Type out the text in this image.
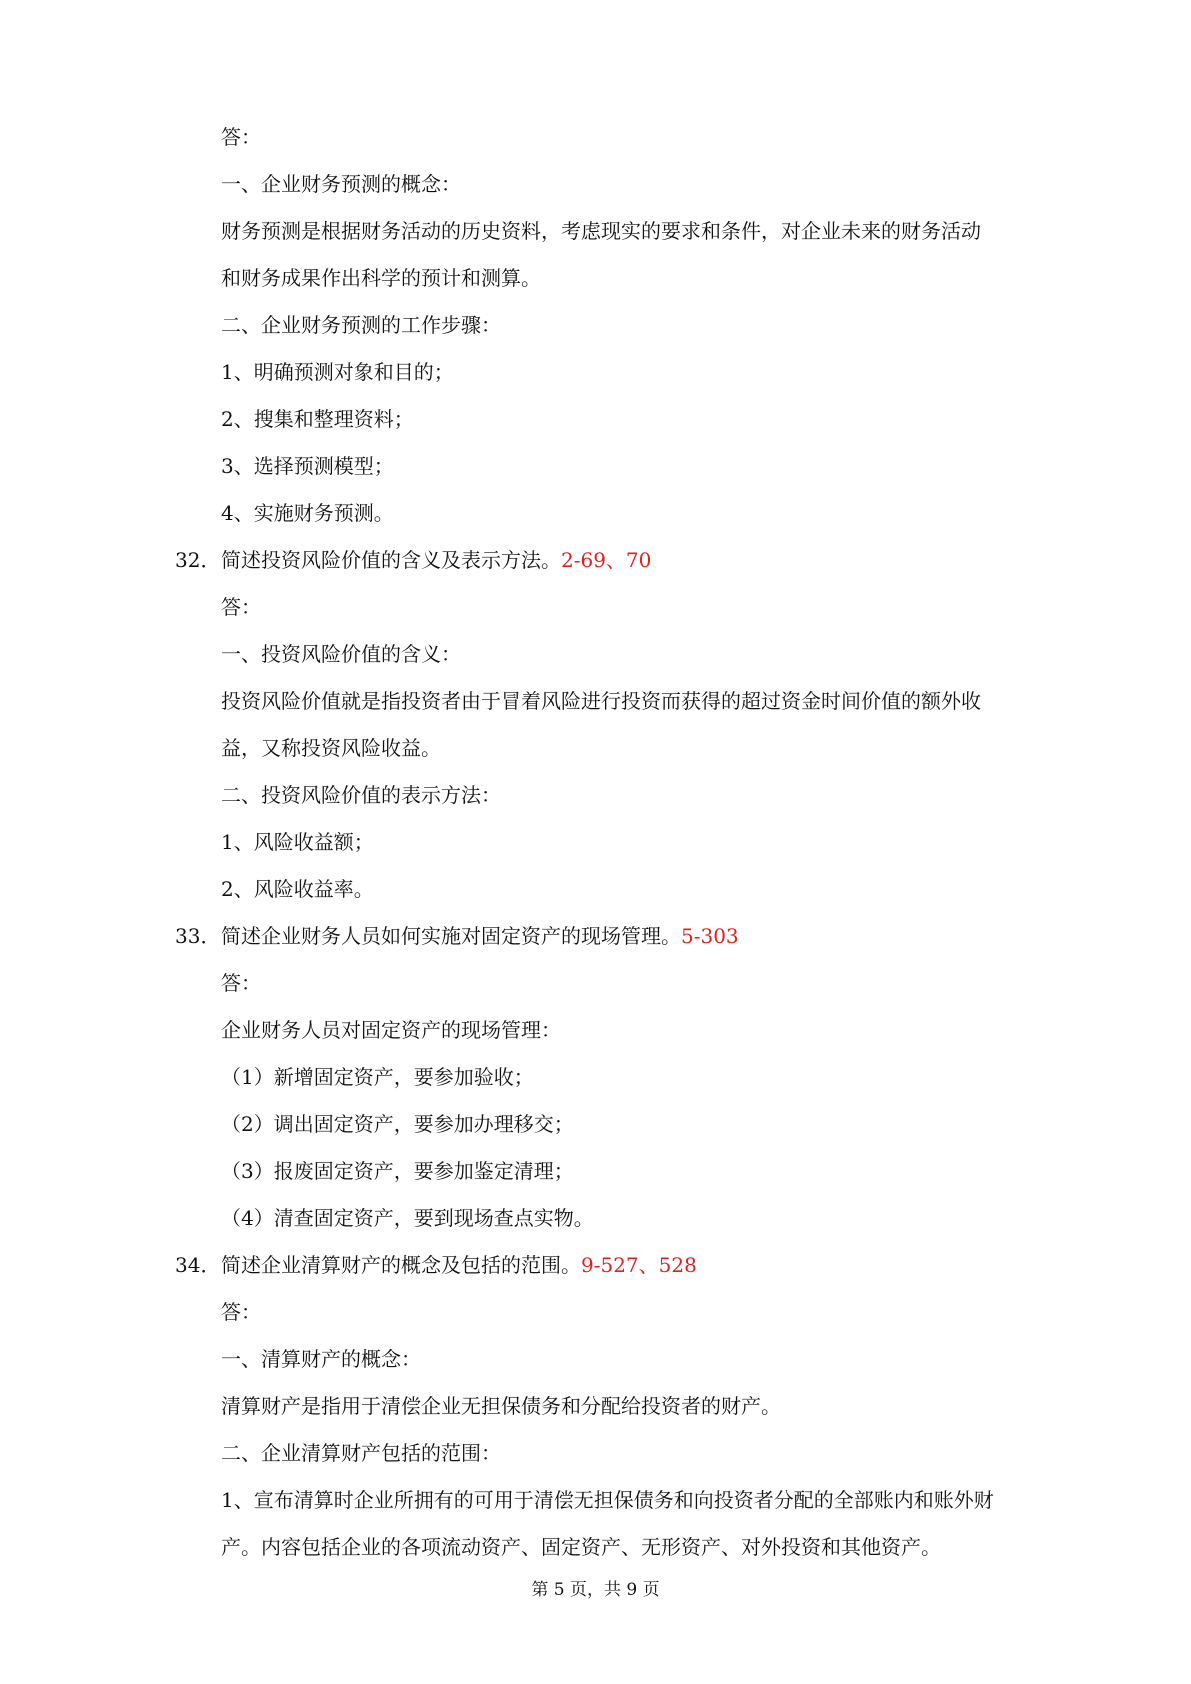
答：
一、企业财务预测的概念：
财务预测是根据财务活动的历史资料，考虑现实的要求和条件，对企业未来的财务活动
和财务成果作出科学的预计和测算。
二、企业财务预测的工作步骤：
1、明确预测对象和目的；
2、搜集和整理资料；
3、选择预测模型；
4、实施财务预测。
32．简述投资风险价值的含义及表示方法。2-69、70
答：
一、投资风险价值的含义：
投资风险价值就是指投资者由于冒着风险进行投资而获得的超过资金时间价值的额外收
益，又称投资风险收益。
二、投资风险价值的表示方法：
1、风险收益额；
2、风险收益率。
33．简述企业财务人员如何实施对固定资产的现场管理。5-303
答：
企业财务人员对固定资产的现场管理：
（1）新增固定资产，要参加验收；
（2）调出固定资产，要参加办理移交；
（3）报废固定资产，要参加鉴定清理；
（4）清查固定资产，要到现场查点实物。
34．简述企业清算财产的概念及包括的范围。9-527、528
答：
一、清算财产的概念：
清算财产是指用于清偿企业无担保债务和分配给投资者的财产。
二、企业清算财产包括的范围：
1、宣布清算时企业所拥有的可用于清偿无担保债务和向投资者分配的全部账内和账外财
产。内容包括企业的各项流动资产、固定资产、无形资产、对外投资和其他资产。
第 5 页，共 9 页
